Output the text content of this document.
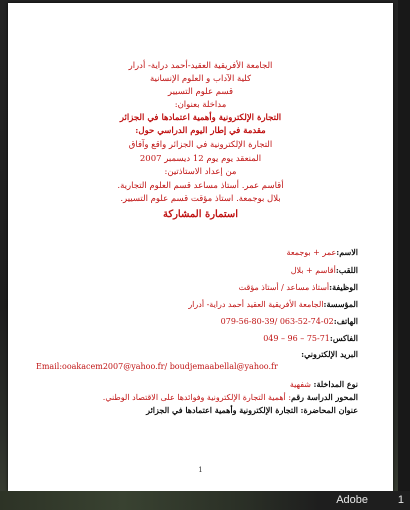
الجامعة الأفريقية العقيد-أحمد دراية- أدرار
كلية الآداب و العلوم الإنسانية
قسم علوم التسيير
مداخلة بعنوان:
التجارة الإلكترونية وأهمية اعتمادها في الجزائر
مقدمة في إطار اليوم الدراسي حول:
التجارة الإلكترونية في الجزائر واقع وآفاق
المنعقد يوم يوم 12 ديسمبر 2007
من إعداد الاستاذتين:
أقاسم عمر. أستاذ مساعد قسم العلوم التجارية.
بلال بوجمعة. استاذ مؤقت قسم علوم التسيير.
استمارة المشاركة
الاسم:عمر + بوجمعة
اللقب:أقاسم + بلال
الوظيفة:أستاذ مساعد / أستاذ مؤقت
المؤسسة:الجامعة الأفريقية العقيد أحمد دراية- أدرار
الهاتف:079-56-80-39/ 063-52-74-02
الفاكس:049 – 96 – 75-71
البريد الإلكتروني:
Email:ooakacem2007@yahoo.fr/ boudjemaabellal@yahoo.fr
نوع المداخلة: شفهية
المحور الدراسة رقم: أهمية التجارة الإلكترونية وفوائدها على الاقتصاد الوطني.
عنوان المحاضرة: التجارة الإلكترونية وأهمية اعتمادها في الجزائر
1
Adobe	1
